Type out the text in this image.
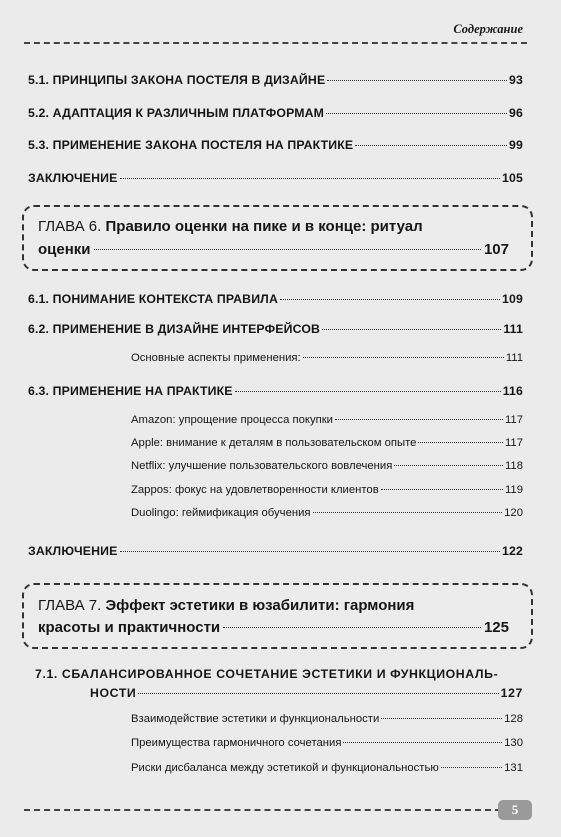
Содержание
5.1. ПРИНЦИПЫ ЗАКОНА ПОСТЕЛЯ В ДИЗАЙНЕ	93
5.2. АДАПТАЦИЯ К РАЗЛИЧНЫМ ПЛАТФОРМАМ	96
5.3. ПРИМЕНЕНИЕ ЗАКОНА ПОСТЕЛЯ НА ПРАКТИКЕ	99
ЗАКЛЮЧЕНИЕ	105
ГЛАВА 6. Правило оценки на пике и в конце: ритуал
оценки	107
6.1. ПОНИМАНИЕ КОНТЕКСТА ПРАВИЛА	109
6.2. ПРИМЕНЕНИЕ В ДИЗАЙНЕ ИНТЕРФЕЙСОВ	111
Основные аспекты применения:	111
6.3. ПРИМЕНЕНИЕ НА ПРАКТИКЕ	116
Amazon: упрощение процесса покупки	117
Apple: внимание к деталям в пользовательском опыте	117
Netflix: улучшение пользовательского вовлечения	118
Zappos: фокус на удовлетворенности клиентов	119
Duolingo: геймификация обучения	120
ЗАКЛЮЧЕНИЕ	122
ГЛАВА 7. Эффект эстетики в юзабилити: гармония
красоты и практичности	125
7.1. СБАЛАНСИРОВАННОЕ СОЧЕТАНИЕ ЭСТЕТИКИ И ФУНКЦИОНАЛЬ-
НОСТИ	127
Взаимодействие эстетики и функциональности	128
Преимущества гармоничного сочетания	130
Риски дисбаланса между эстетикой и функциональностью	131
5
